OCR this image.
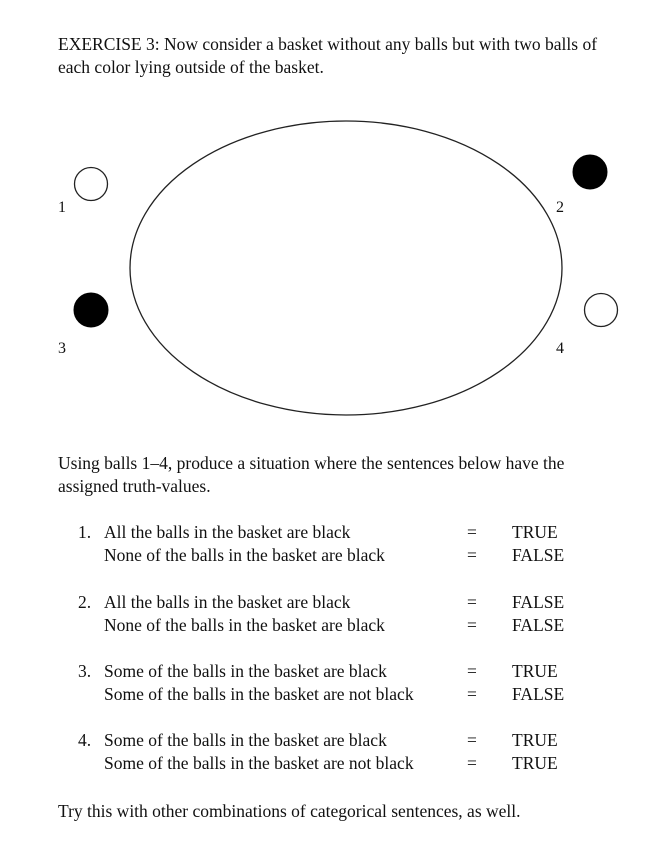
EXERCISE 3: Now consider a basket without any balls but with two balls of each color lying outside of the basket.
1	2
3	4
Using balls 1–4, produce a situation where the sentences below have the assigned truth-values.
1. All the balls in the basket are black	= TRUE
None of the balls in the basket are black	= FALSE
2. All the balls in the basket are black	= FALSE
None of the balls in the basket are black	= FALSE
3. Some of the balls in the basket are black	= TRUE
Some of the balls in the basket are not black	= FALSE
4. Some of the balls in the basket are black	= TRUE
Some of the balls in the basket are not black	= TRUE
Try this with other combinations of categorical sentences, as well.
